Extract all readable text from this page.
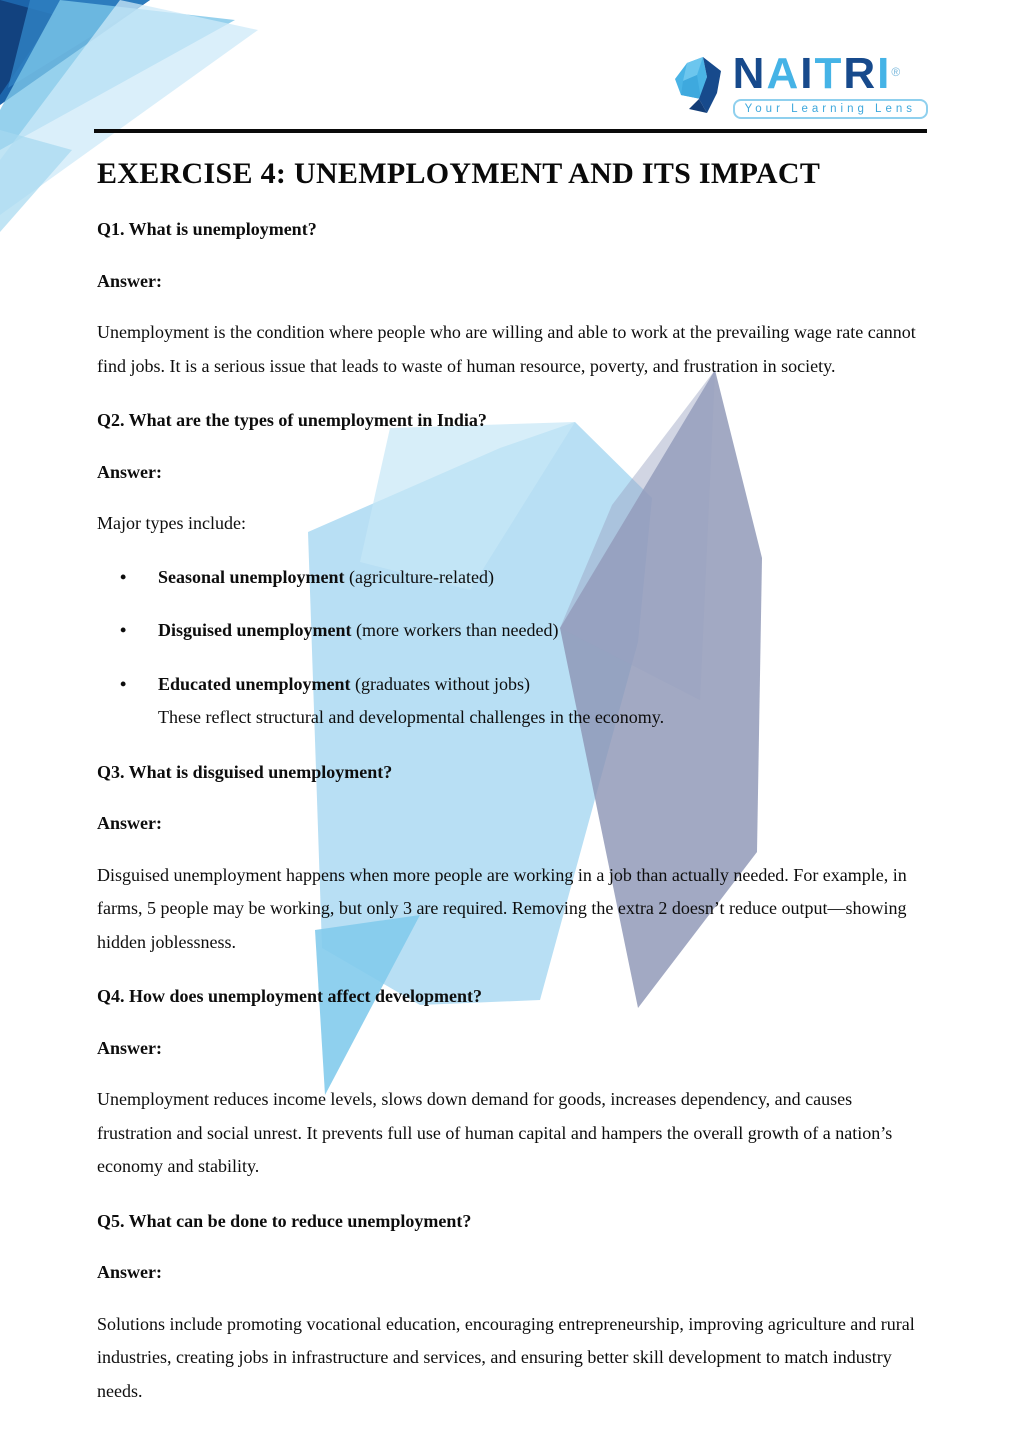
NAITRI®
Your Learning Lens
EXERCISE 4: UNEMPLOYMENT AND ITS IMPACT

Q1. What is unemployment?

Answer:

Unemployment is the condition where people who are willing and able to work at the prevailing wage rate cannot find jobs. It is a serious issue that leads to waste of human resource, poverty, and frustration in society.

Q2. What are the types of unemployment in India?

Answer:

Major types include:

• Seasonal unemployment (agriculture-related)
• Disguised unemployment (more workers than needed)
• Educated unemployment (graduates without jobs)
These reflect structural and developmental challenges in the economy.

Q3. What is disguised unemployment?

Answer:

Disguised unemployment happens when more people are working in a job than actually needed. For example, in farms, 5 people may be working, but only 3 are required. Removing the extra 2 doesn’t reduce output—showing hidden joblessness.

Q4. How does unemployment affect development?

Answer:

Unemployment reduces income levels, slows down demand for goods, increases dependency, and causes frustration and social unrest. It prevents full use of human capital and hampers the overall growth of a nation’s economy and stability.

Q5. What can be done to reduce unemployment?

Answer:

Solutions include promoting vocational education, encouraging entrepreneurship, improving agriculture and rural industries, creating jobs in infrastructure and services, and ensuring better skill development to match industry needs.
